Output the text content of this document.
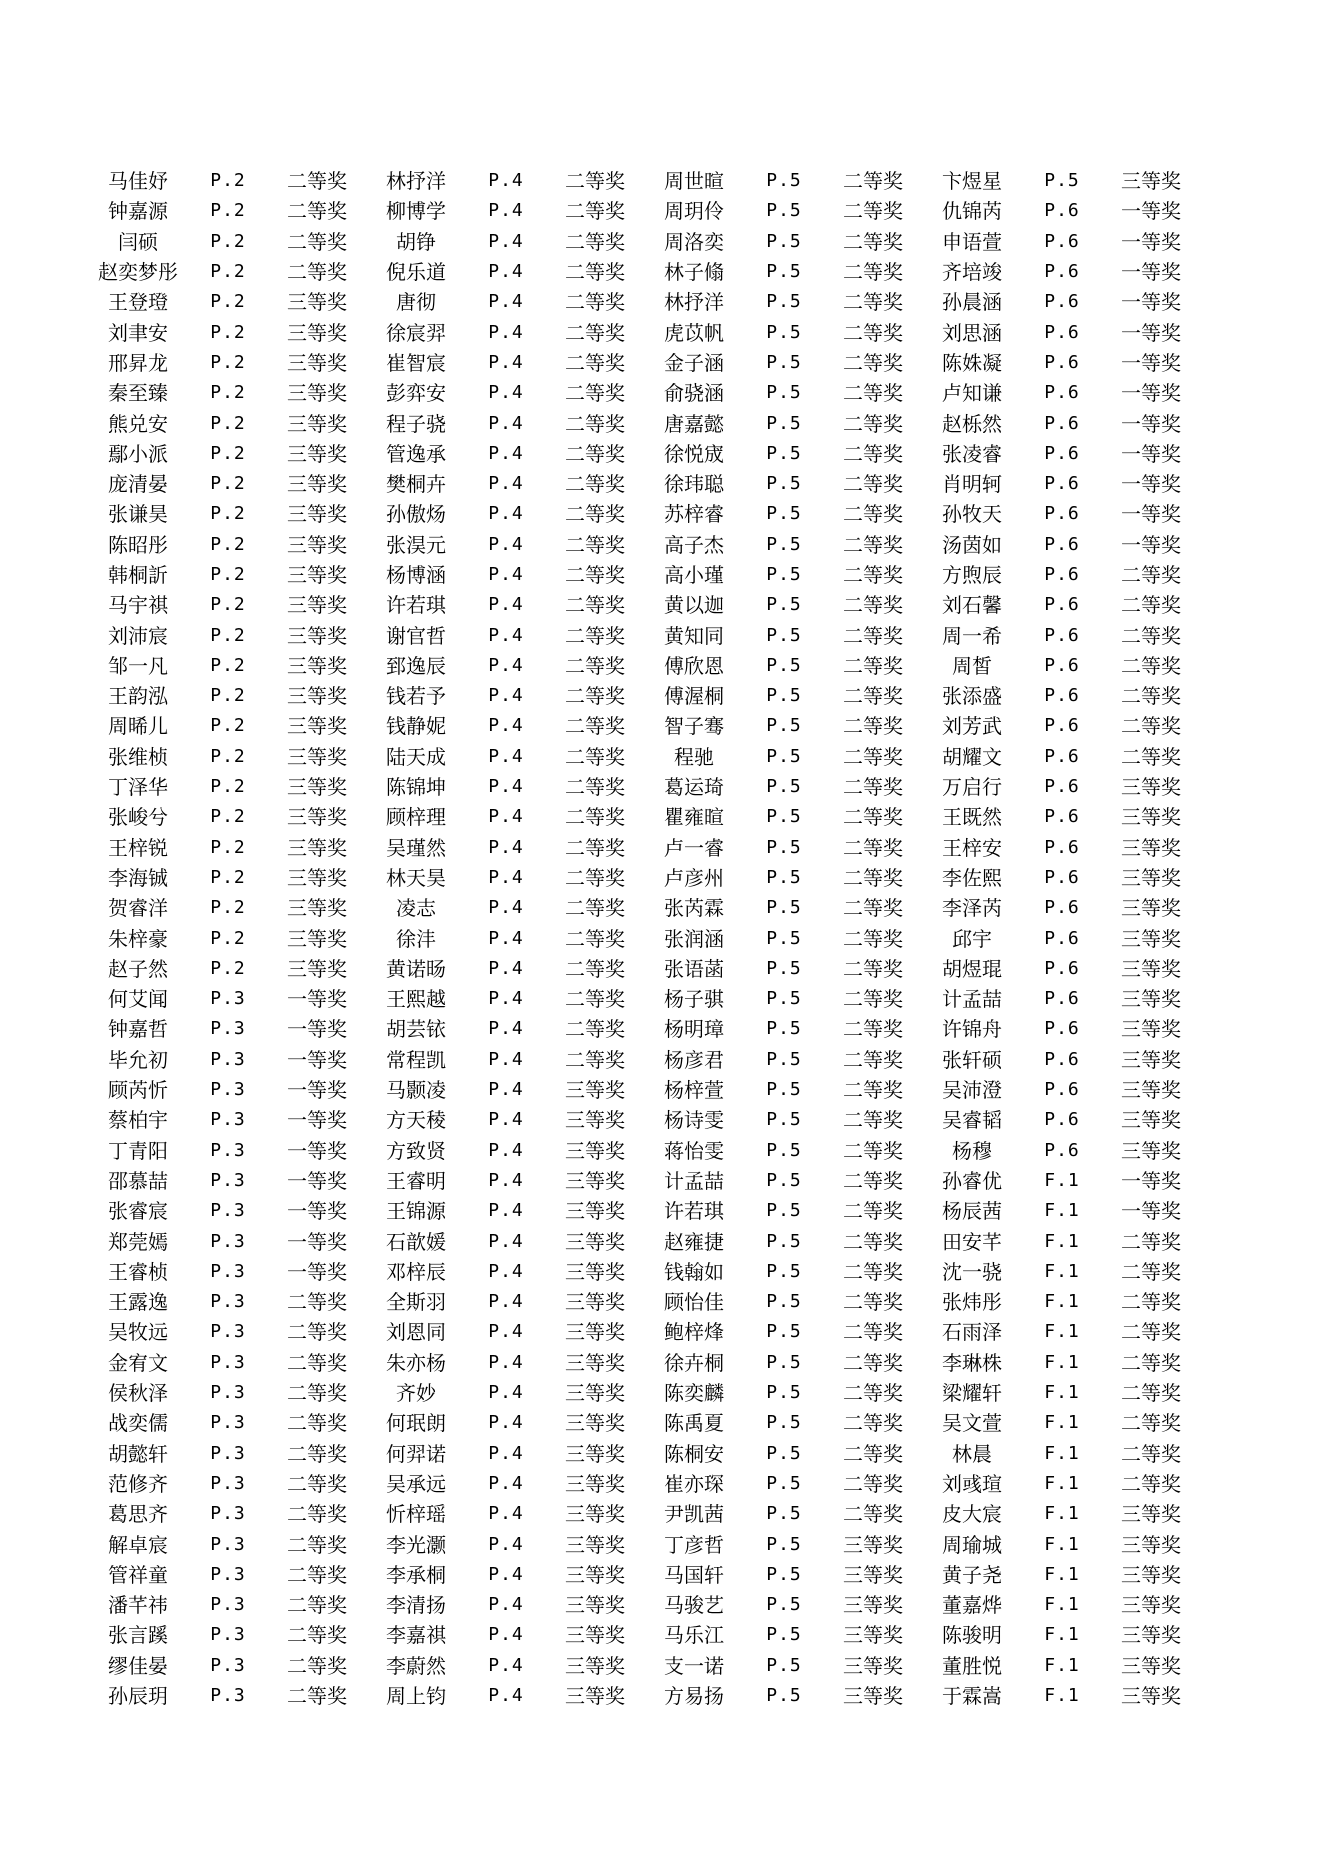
马佳妤	P.2	二等奖	林抒洋	P.4	二等奖	周世暄	P.5	二等奖	卞煜星	P.5	三等奖
钟嘉源	P.2	二等奖	柳博学	P.4	二等奖	周玥伶	P.5	二等奖	仇锦芮	P.6	一等奖
闫硕	P.2	二等奖	胡铮	P.4	二等奖	周洛奕	P.5	二等奖	申语萱	P.6	一等奖
赵奕梦彤	P.2	二等奖	倪乐道	P.4	二等奖	林子翛	P.5	二等奖	齐培竣	P.6	一等奖
王登璒	P.2	三等奖	唐彻	P.4	二等奖	林抒洋	P.5	二等奖	孙晨涵	P.6	一等奖
刘聿安	P.2	三等奖	徐宸羿	P.4	二等奖	虎苡帆	P.5	二等奖	刘思涵	P.6	一等奖
邢昇龙	P.2	三等奖	崔智宸	P.4	二等奖	金子涵	P.5	二等奖	陈姝凝	P.6	一等奖
秦至臻	P.2	三等奖	彭弈安	P.4	二等奖	俞骁涵	P.5	二等奖	卢知谦	P.6	一等奖
熊兑安	P.2	三等奖	程子骁	P.4	二等奖	唐嘉懿	P.5	二等奖	赵栎然	P.6	一等奖
鄢小派	P.2	三等奖	管逸承	P.4	二等奖	徐悦宬	P.5	二等奖	张凌睿	P.6	一等奖
庞清晏	P.2	三等奖	樊桐卉	P.4	二等奖	徐玮聪	P.5	二等奖	肖明轲	P.6	一等奖
张谦昊	P.2	三等奖	孙傲炀	P.4	二等奖	苏梓睿	P.5	二等奖	孙牧天	P.6	一等奖
陈昭彤	P.2	三等奖	张淏元	P.4	二等奖	高子杰	P.5	二等奖	汤茵如	P.6	一等奖
韩桐訢	P.2	三等奖	杨博涵	P.4	二等奖	高小瑾	P.5	二等奖	方煦辰	P.6	二等奖
马宇祺	P.2	三等奖	许若琪	P.4	二等奖	黄以迦	P.5	二等奖	刘石馨	P.6	二等奖
刘沛宸	P.2	三等奖	谢官哲	P.4	二等奖	黄知同	P.5	二等奖	周一希	P.6	二等奖
邹一凡	P.2	三等奖	郅逸辰	P.4	二等奖	傅欣恩	P.5	二等奖	周皙	P.6	二等奖
王韵泓	P.2	三等奖	钱若予	P.4	二等奖	傅渥桐	P.5	二等奖	张添盛	P.6	二等奖
周晞儿	P.2	三等奖	钱静妮	P.4	二等奖	智子骞	P.5	二等奖	刘芳武	P.6	二等奖
张维桢	P.2	三等奖	陆天成	P.4	二等奖	程驰	P.5	二等奖	胡耀文	P.6	二等奖
丁泽华	P.2	三等奖	陈锦坤	P.4	二等奖	葛运琦	P.5	二等奖	万启行	P.6	三等奖
张峻兮	P.2	三等奖	顾梓理	P.4	二等奖	瞿雍暄	P.5	二等奖	王既然	P.6	三等奖
王梓锐	P.2	三等奖	吴瑾然	P.4	二等奖	卢一睿	P.5	二等奖	王梓安	P.6	三等奖
李海铖	P.2	三等奖	林天昊	P.4	二等奖	卢彦州	P.5	二等奖	李佐熙	P.6	三等奖
贺睿洋	P.2	三等奖	凌志	P.4	二等奖	张芮霖	P.5	二等奖	李泽芮	P.6	三等奖
朱梓豪	P.2	三等奖	徐沣	P.4	二等奖	张润涵	P.5	二等奖	邱宇	P.6	三等奖
赵子然	P.2	三等奖	黄诺旸	P.4	二等奖	张语菡	P.5	二等奖	胡煜琨	P.6	三等奖
何艾闻	P.3	一等奖	王熙越	P.4	二等奖	杨子骐	P.5	二等奖	计孟喆	P.6	三等奖
钟嘉哲	P.3	一等奖	胡芸铱	P.4	二等奖	杨明璋	P.5	二等奖	许锦舟	P.6	三等奖
毕允初	P.3	一等奖	常程凯	P.4	二等奖	杨彦君	P.5	二等奖	张轩硕	P.6	三等奖
顾芮忻	P.3	一等奖	马颢凌	P.4	三等奖	杨梓萱	P.5	二等奖	吴沛澄	P.6	三等奖
蔡柏宇	P.3	一等奖	方天稜	P.4	三等奖	杨诗雯	P.5	二等奖	吴睿韬	P.6	三等奖
丁青阳	P.3	一等奖	方致贤	P.4	三等奖	蒋怡雯	P.5	二等奖	杨穆	P.6	三等奖
邵慕喆	P.3	一等奖	王睿明	P.4	三等奖	计孟喆	P.5	二等奖	孙睿优	F.1	一等奖
张睿宸	P.3	一等奖	王锦源	P.4	三等奖	许若琪	P.5	二等奖	杨辰茜	F.1	一等奖
郑莞嫣	P.3	一等奖	石歆媛	P.4	三等奖	赵雍捷	P.5	二等奖	田安芊	F.1	二等奖
王睿桢	P.3	一等奖	邓梓辰	P.4	三等奖	钱翰如	P.5	二等奖	沈一骁	F.1	二等奖
王露逸	P.3	二等奖	全斯羽	P.4	三等奖	顾怡佳	P.5	二等奖	张炜彤	F.1	二等奖
吴牧远	P.3	二等奖	刘恩同	P.4	三等奖	鲍梓烽	P.5	二等奖	石雨泽	F.1	二等奖
金宥文	P.3	二等奖	朱亦杨	P.4	三等奖	徐卉桐	P.5	二等奖	李琳株	F.1	二等奖
侯秋泽	P.3	二等奖	齐妙	P.4	三等奖	陈奕麟	P.5	二等奖	梁耀轩	F.1	二等奖
战奕儒	P.3	二等奖	何珉朗	P.4	三等奖	陈禹夏	P.5	二等奖	吴文萱	F.1	二等奖
胡懿轩	P.3	二等奖	何羿诺	P.4	三等奖	陈桐安	P.5	二等奖	林晨	F.1	二等奖
范修齐	P.3	二等奖	吴承远	P.4	三等奖	崔亦琛	P.5	二等奖	刘彧瑄	F.1	二等奖
葛思齐	P.3	二等奖	忻梓瑶	P.4	三等奖	尹凯茜	P.5	二等奖	皮大宸	F.1	三等奖
解卓宸	P.3	二等奖	李光灏	P.4	三等奖	丁彦哲	P.5	三等奖	周瑜城	F.1	三等奖
管祥童	P.3	二等奖	李承桐	P.4	三等奖	马国轩	P.5	三等奖	黄子尧	F.1	三等奖
潘芊祎	P.3	二等奖	李清扬	P.4	三等奖	马骏艺	P.5	三等奖	董嘉烨	F.1	三等奖
张言蹊	P.3	二等奖	李嘉祺	P.4	三等奖	马乐江	P.5	三等奖	陈骏明	F.1	三等奖
缪佳晏	P.3	二等奖	李蔚然	P.4	三等奖	支一诺	P.5	三等奖	董胜悦	F.1	三等奖
孙辰玥	P.3	二等奖	周上钧	P.4	三等奖	方易扬	P.5	三等奖	于霖嵩	F.1	三等奖
